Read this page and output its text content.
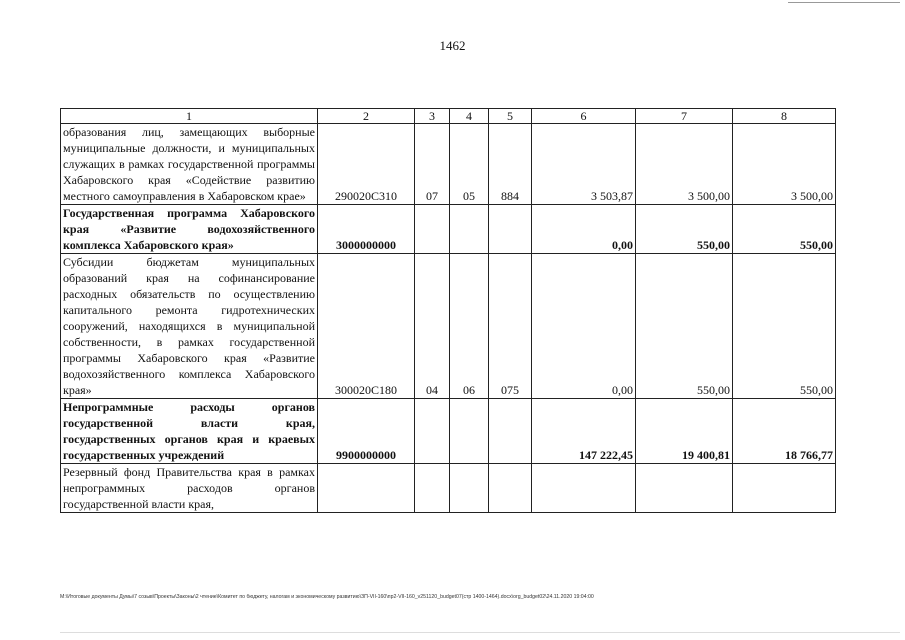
1462
1	2	3	4	5	6	7	8
образования лиц, замещающих выборные муниципальные должности, и муниципальных служащих в рамках государственной программы Хабаровского края «Содействие развитию местного самоуправления в Хабаровском крае»	290020С310	07	05	884	3 503,87	3 500,00	3 500,00
Государственная программа Хабаровского края «Развитие водохозяйственного комплекса Хабаровского края»	3000000000				0,00	550,00	550,00
Субсидии бюджетам муниципальных образований края на софинансирование расходных обязательств по осуществлению капитального ремонта гидротехнических сооружений, находящихся в муниципальной собственности, в рамках государственной программы Хабаровского края «Развитие водохозяйственного комплекса Хабаровского края»	300020С180	04	06	075	0,00	550,00	550,00
Непрограммные расходы органов государственной власти края, государственных органов края и краевых государственных учреждений	9900000000				147 222,45	19 400,81	18 766,77
Резервный фонд Правительства края в рамках непрограммных расходов органов государственной власти края,							
M:\Итоговые документы Думы\7 созыв\Проекты\Законы\2 чтение\Комитет по бюджету, налогам и экономическому развитию\ЗП-VII-160\пр2-VII-160_v251120_budget07(стр 1400-1464).docx\org_budget02\24.11.2020 19:04:00
